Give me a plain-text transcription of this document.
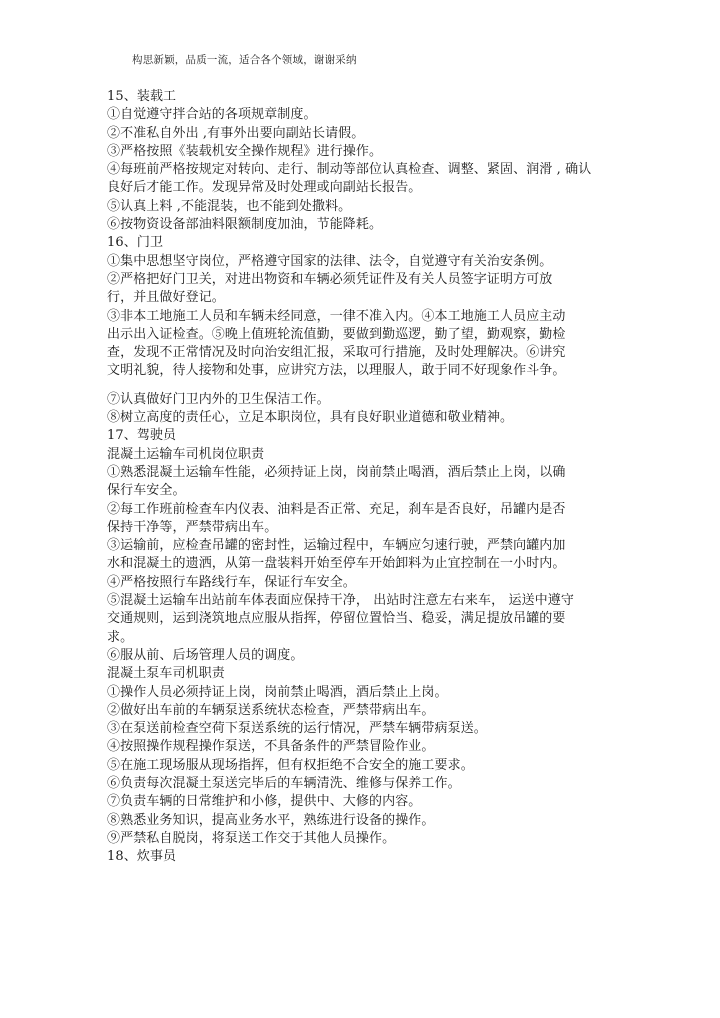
构思新颖，品质一流，适合各个领域，谢谢采纳
15、装载工
①自觉遵守拌合站的各项规章制度。
②不准私自外出 ,有事外出要向副站长请假。
③严格按照《装载机安全操作规程》进行操作。
④每班前严格按规定对转向、走行、制动等部位认真检查、调整、紧固、润滑 , 确认
良好后才能工作。发现异常及时处理或向副站长报告。
⑤认真上料 ,不能混装，也不能到处撒料。
⑥按物资设备部油料限额制度加油，节能降耗。
16、门卫
①集中思想坚守岗位，严格遵守国家的法律、法令，自觉遵守有关治安条例。
②严格把好门卫关，对进出物资和车辆必须凭证件及有关人员签字证明方可放
行，并且做好登记。
③非本工地施工人员和车辆未经同意，一律不准入内。④本工地施工人员应主动
出示出入证检查。⑤晚上值班轮流值勤，要做到勤巡逻，勤了望，勤观察，勤检
查，发现不正常情况及时向治安组汇报，采取可行措施，及时处理解决。⑥讲究
文明礼貌，待人接物和处事，应讲究方法，以理服人，敢于同不好现象作斗争。
⑦认真做好门卫内外的卫生保洁工作。
⑧树立高度的责任心，立足本职岗位，具有良好职业道德和敬业精神。
17、驾驶员
混凝土运输车司机岗位职责
①熟悉混凝土运输车性能，必须持证上岗，岗前禁止喝酒，酒后禁止上岗，以确
保行车安全。
②每工作班前检查车内仪表、油料是否正常、充足，刹车是否良好，吊罐内是否
保持干净等，严禁带病出车。
③运输前，应检查吊罐的密封性，运输过程中，车辆应匀速行驶，严禁向罐内加
水和混凝土的遗洒，从第一盘装料开始至停车开始卸料为止宜控制在一小时内。
④严格按照行车路线行车，保证行车安全。
⑤混凝土运输车出站前车体表面应保持干净， 出站时注意左右来车， 运送中遵守
交通规则，运到浇筑地点应服从指挥，停留位置恰当、稳妥，满足提放吊罐的要
求。
⑥服从前、后场管理人员的调度。
混凝土泵车司机职责
①操作人员必须持证上岗，岗前禁止喝酒，酒后禁止上岗。
②做好出车前的车辆泵送系统状态检查，严禁带病出车。
③在泵送前检查空荷下泵送系统的运行情况，严禁车辆带病泵送。
④按照操作规程操作泵送，不具备条件的严禁冒险作业。
⑤在施工现场服从现场指挥，但有权拒绝不合安全的施工要求。
⑥负责每次混凝土泵送完毕后的车辆清洗、维修与保养工作。
⑦负责车辆的日常维护和小修，提供中、大修的内容。
⑧熟悉业务知识，提高业务水平，熟练进行设备的操作。
⑨严禁私自脱岗，将泵送工作交于其他人员操作。
18、炊事员
